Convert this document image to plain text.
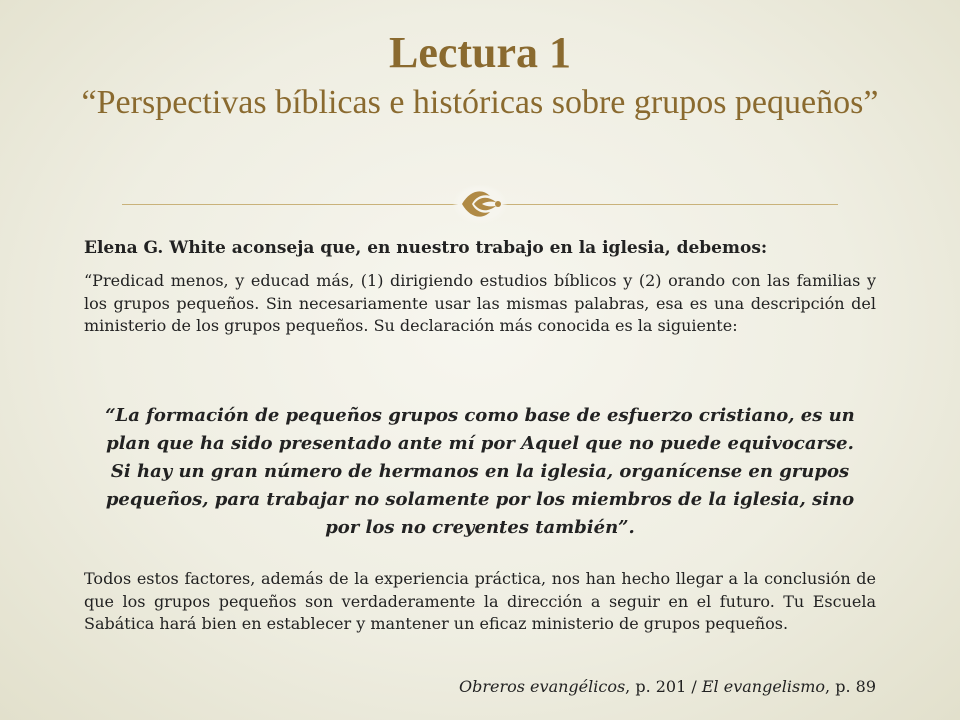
Lectura 1
“Perspectivas bíblicas e históricas sobre grupos pequeños”
Elena G. White aconseja que, en nuestro trabajo en la iglesia, debemos:
“Predicad menos, y educad más, (1) dirigiendo estudios bíblicos y (2) orando con las familias y los grupos pequeños. Sin necesariamente usar las mismas palabras, esa es una descripción del ministerio de los grupos pequeños. Su declaración más conocida es la siguiente:
“La formación de pequeños grupos como base de esfuerzo cristiano, es un plan que ha sido presentado ante mí por Aquel que no puede equivocarse. Si hay un gran número de hermanos en la iglesia, organícense en grupos pequeños, para trabajar no solamente por los miembros de la iglesia, sino por los no creyentes también”.
Todos estos factores, además de la experiencia práctica, nos han hecho llegar a la conclusión de que los grupos pequeños son verdaderamente la dirección a seguir en el futuro. Tu Escuela Sabática hará bien en establecer y mantener un eficaz ministerio de grupos pequeños.
Obreros evangélicos, p. 201 / El evangelismo, p. 89
